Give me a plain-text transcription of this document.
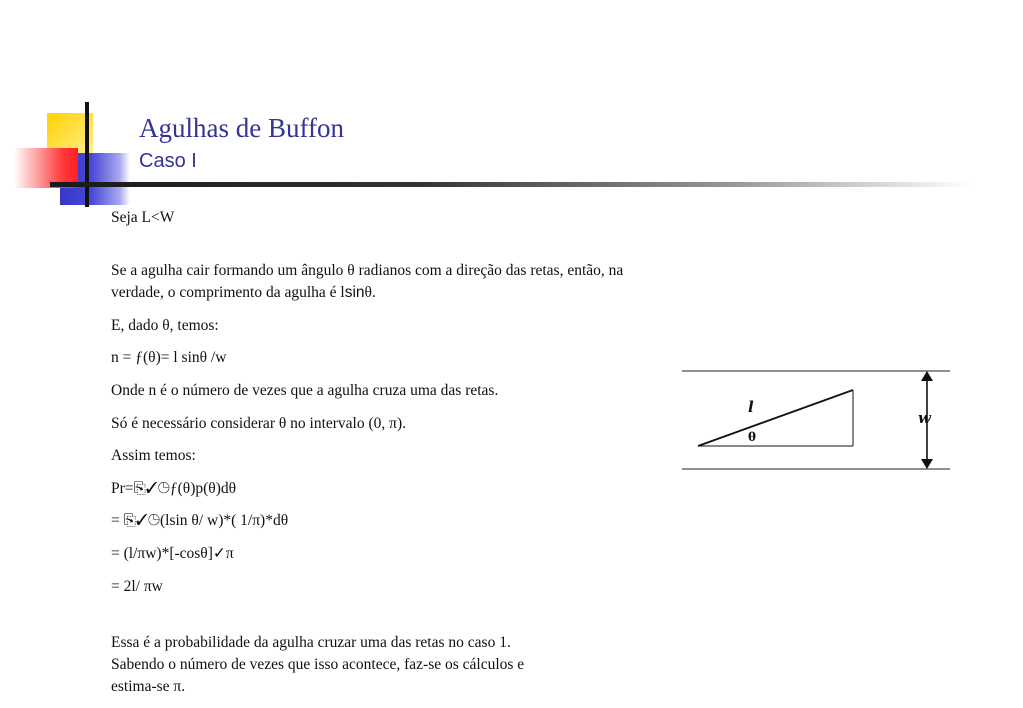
Agulhas de Buffon
Caso I
Seja L<W
Se a agulha cair formando um ângulo θ radianos com a direção das retas, então, na
verdade, o comprimento da agulha é lsinθ.
E, dado θ, temos:
n = ƒ(θ)= l sinθ /w
Onde n é o número de vezes que a agulha cruza uma das retas.
Só é necessário considerar θ no intervalo (0, π).
Assim temos:
Pr=⎘✓◷ƒ(θ)p(θ)dθ
= ⎘✓◷(lsin θ/ w)*( 1/π)*dθ
= (l/πw)*[-cosθ]✓π
= 2l/ πw
Essa é a probabilidade da agulha cruzar uma das retas no caso 1.
Sabendo o número de vezes que isso acontece, faz-se os cálculos e
estima-se π.
l
θ
w
